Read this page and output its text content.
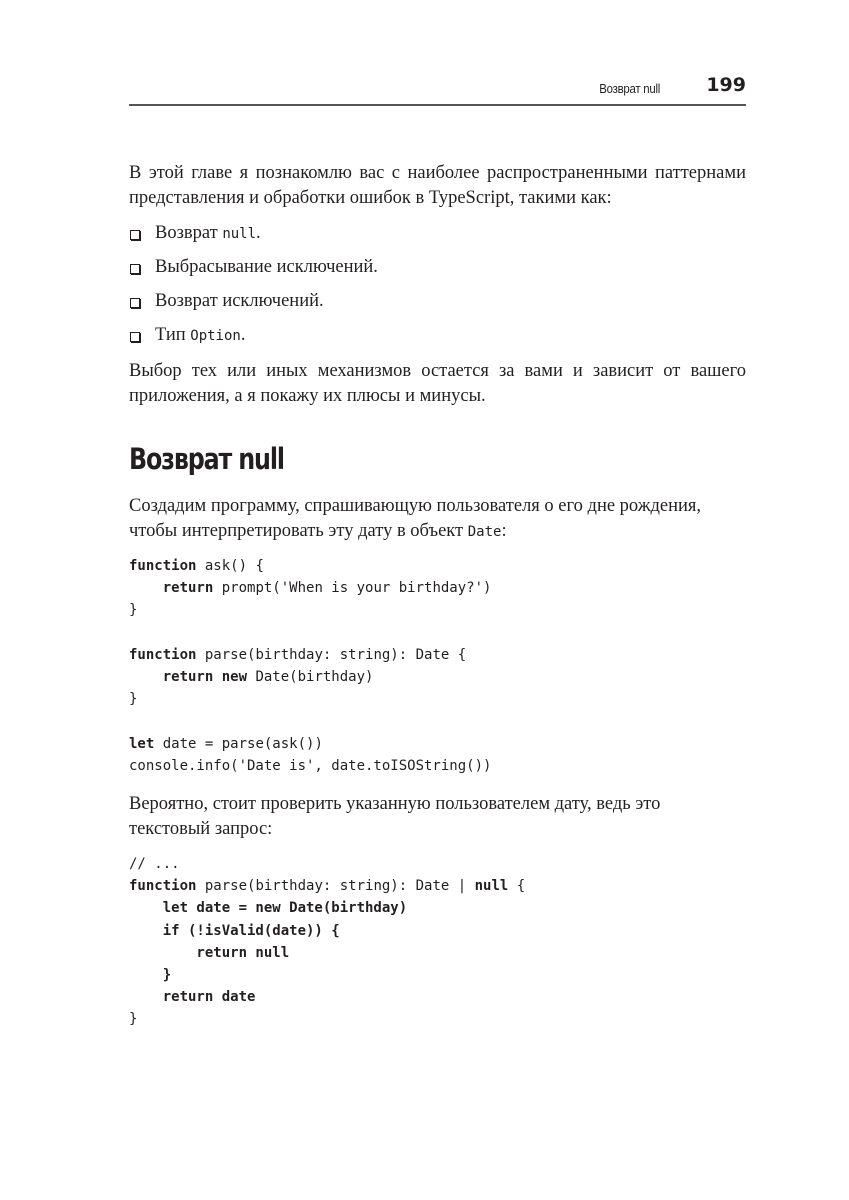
Возврат null 199

В этой главе я познакомлю вас с наиболее распространенными паттернами представления и обработки ошибок в TypeScript, такими как:

Возврат null.
Выбрасывание исключений.
Возврат исключений.
Тип Option.

Выбор тех или иных механизмов остается за вами и зависит от вашего приложения, а я покажу их плюсы и минусы.

Возврат null

Создадим программу, спрашивающую пользователя о его дне рождения, чтобы интерпретировать эту дату в объект Date:

function ask() {
return prompt('When is your birthday?')
}
function parse(birthday: string): Date {
return new Date(birthday)
}
let date = parse(ask())
console.info('Date is', date.toISOString())

Вероятно, стоит проверить указанную пользователем дату, ведь это текстовый запрос:

// ...
function parse(birthday: string): Date | null {
let date = new Date(birthday)
if (!isValid(date)) {
return null
}
return date
}
